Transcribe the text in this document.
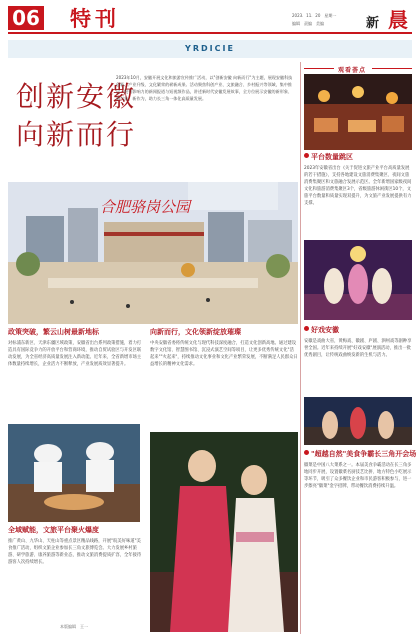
06 特刊	2023．11．20　星期一
编辑　责编　美编	新 晨
YRDICIE
创新安徽
向新而行
2023年10月，安徽开展文化和旅游宣传推广活动，以"创新安徽 向新而行"为主题，展现安徽科技创新、产业升级、文化繁荣的崭新成果。活动聚焦科创产业、文旅融合、乡村振兴等领域，集中推出一批有影响力的新闻报道与短视频作品，讲述新时代安徽发展故事，全方位展示安徽的新形象、新气象、新作为，助力长三角一体化高质量发展。
合肥骆岗公园
政策突破，繁云山树最新地标
对标浦东新区、天津东疆区域政策，安徽省出台系列政策措施，着力打造具有国际竞争力的开放平台和营商环境，推动自贸试验区与开发区联动发展，为全省经济高质量发展注入新动能。近年来，全省新增市场主体数量持续增长，企业活力不断释放，产业发展质效显著提升。
向新而行，文化领新绽放璀璨
中央安徽省委将传统文化与现代科技深度融合，打造文化创新高地。通过建设数字文化馆、智慧图书馆、沉浸式演艺空间等项目，让更多优秀传统文化"活起来""火起来"，持续推动文化事业和文化产业繁荣发展，不断满足人民群众日益增长的精神文化需求。
全域赋能，文旅平台聚火爆度
推广黄山、九华山、天柱山等重点景区精品线路，开展"皖美好味道"美食推广活动，组织文旅企业参加长三角文旅博览会。大力发展乡村旅游、研学旅游、康养旅游等新业态，推动文旅消费提质扩容，全年接待游客人次持续增长。
观看荟点
平台数量跳区
2023年安徽省出台《关于促进文旅产业平台高质量发展的若干措施》，支持各地建设文旅消费集聚区、夜间文旅消费集聚区和文旅融合发展示范区。全年新增国家级夜间文化和旅游消费集聚区3个，省级旅游休闲街区10个，文旅平台数量和质量实现双提升，为文旅产业发展提供有力支撑。
好戏安徽
安徽是戏曲大省，黄梅戏、徽剧、庐剧、泗州戏等剧种享誉全国。近年来持续开展"好戏安徽"展演活动，推出一批优秀剧目，让传统戏曲焕发新的生机与活力。
"超越自然"美食争霸长三角开会场
徽菜是中国八大菜系之一。本届美食争霸活动在长三角多地同步开展，设置徽菜名厨技艺比拼、地方特色小吃展示等环节，吸引了众多餐饮企业和市民游客积极参与，进一步擦亮"徽菜"金字招牌，带动餐饮消费持续升温。
本版编辑　王一
